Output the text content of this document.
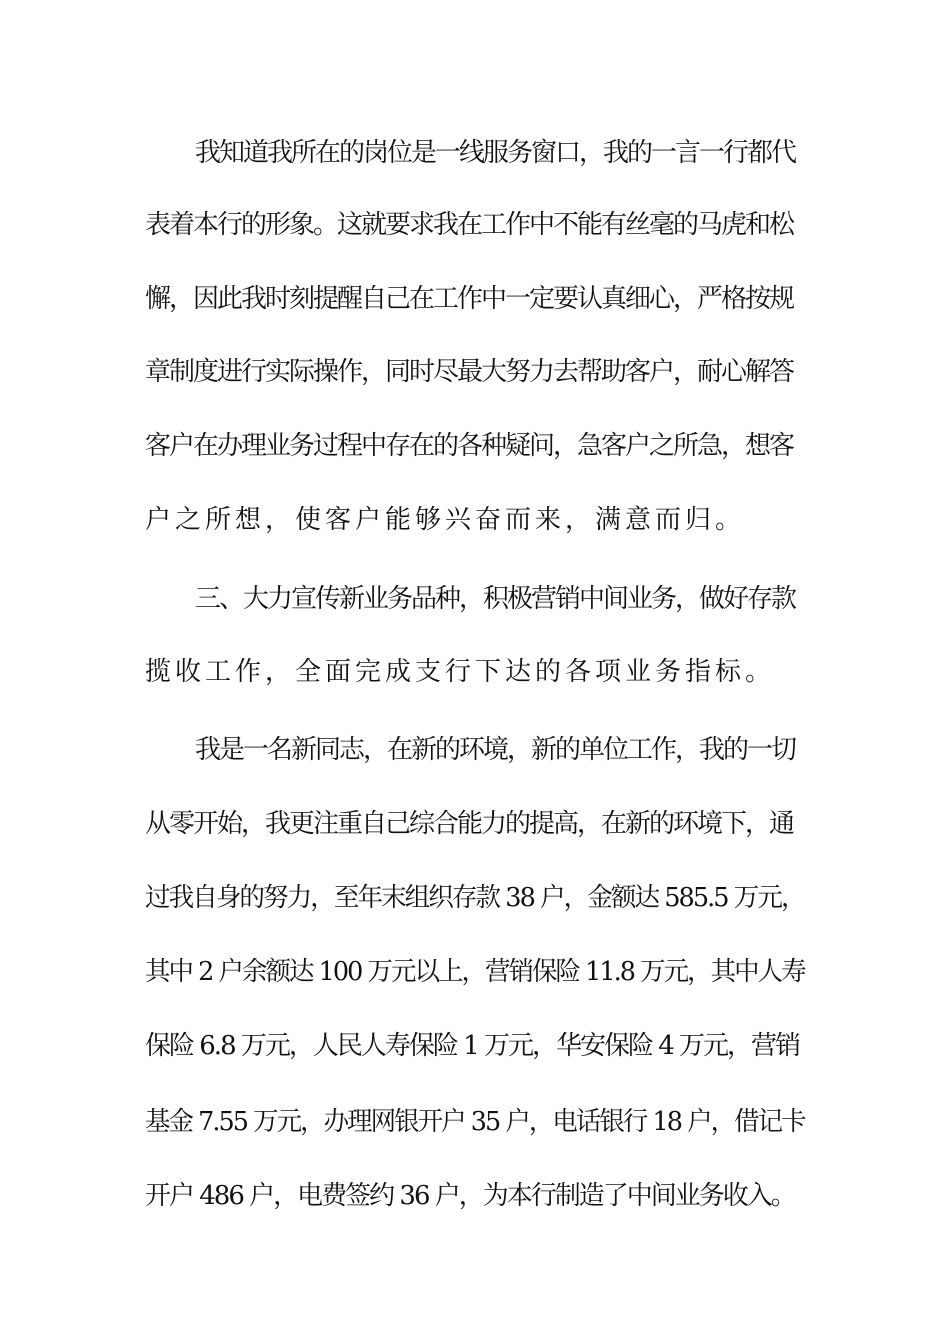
我知道我所在的岗位是一线服务窗口，我的一言一行都代
表着本行的形象。这就要求我在工作中不能有丝毫的马虎和松
懈，因此我时刻提醒自己在工作中一定要认真细心，严格按规
章制度进行实际操作，同时尽最大努力去帮助客户，耐心解答
客户在办理业务过程中存在的各种疑问，急客户之所急，想客
户之所想，使客户能够兴奋而来，满意而归。
三、大力宣传新业务品种，积极营销中间业务，做好存款
揽收工作，全面完成支行下达的各项业务指标。
我是一名新同志，在新的环境，新的单位工作，我的一切
从零开始，我更注重自己综合能力的提高，在新的环境下，通
过我自身的努力，至年末组织存款 38 户，金额达 585.5 万元，
其中 2 户余额达 100 万元以上，营销保险 11.8 万元，其中人寿
保险 6.8 万元，人民人寿保险 1 万元，华安保险 4 万元，营销
基金 7.55 万元，办理网银开户 35 户，电话银行 18 户，借记卡
开户 486 户，电费签约 36 户，为本行制造了中间业务收入。
